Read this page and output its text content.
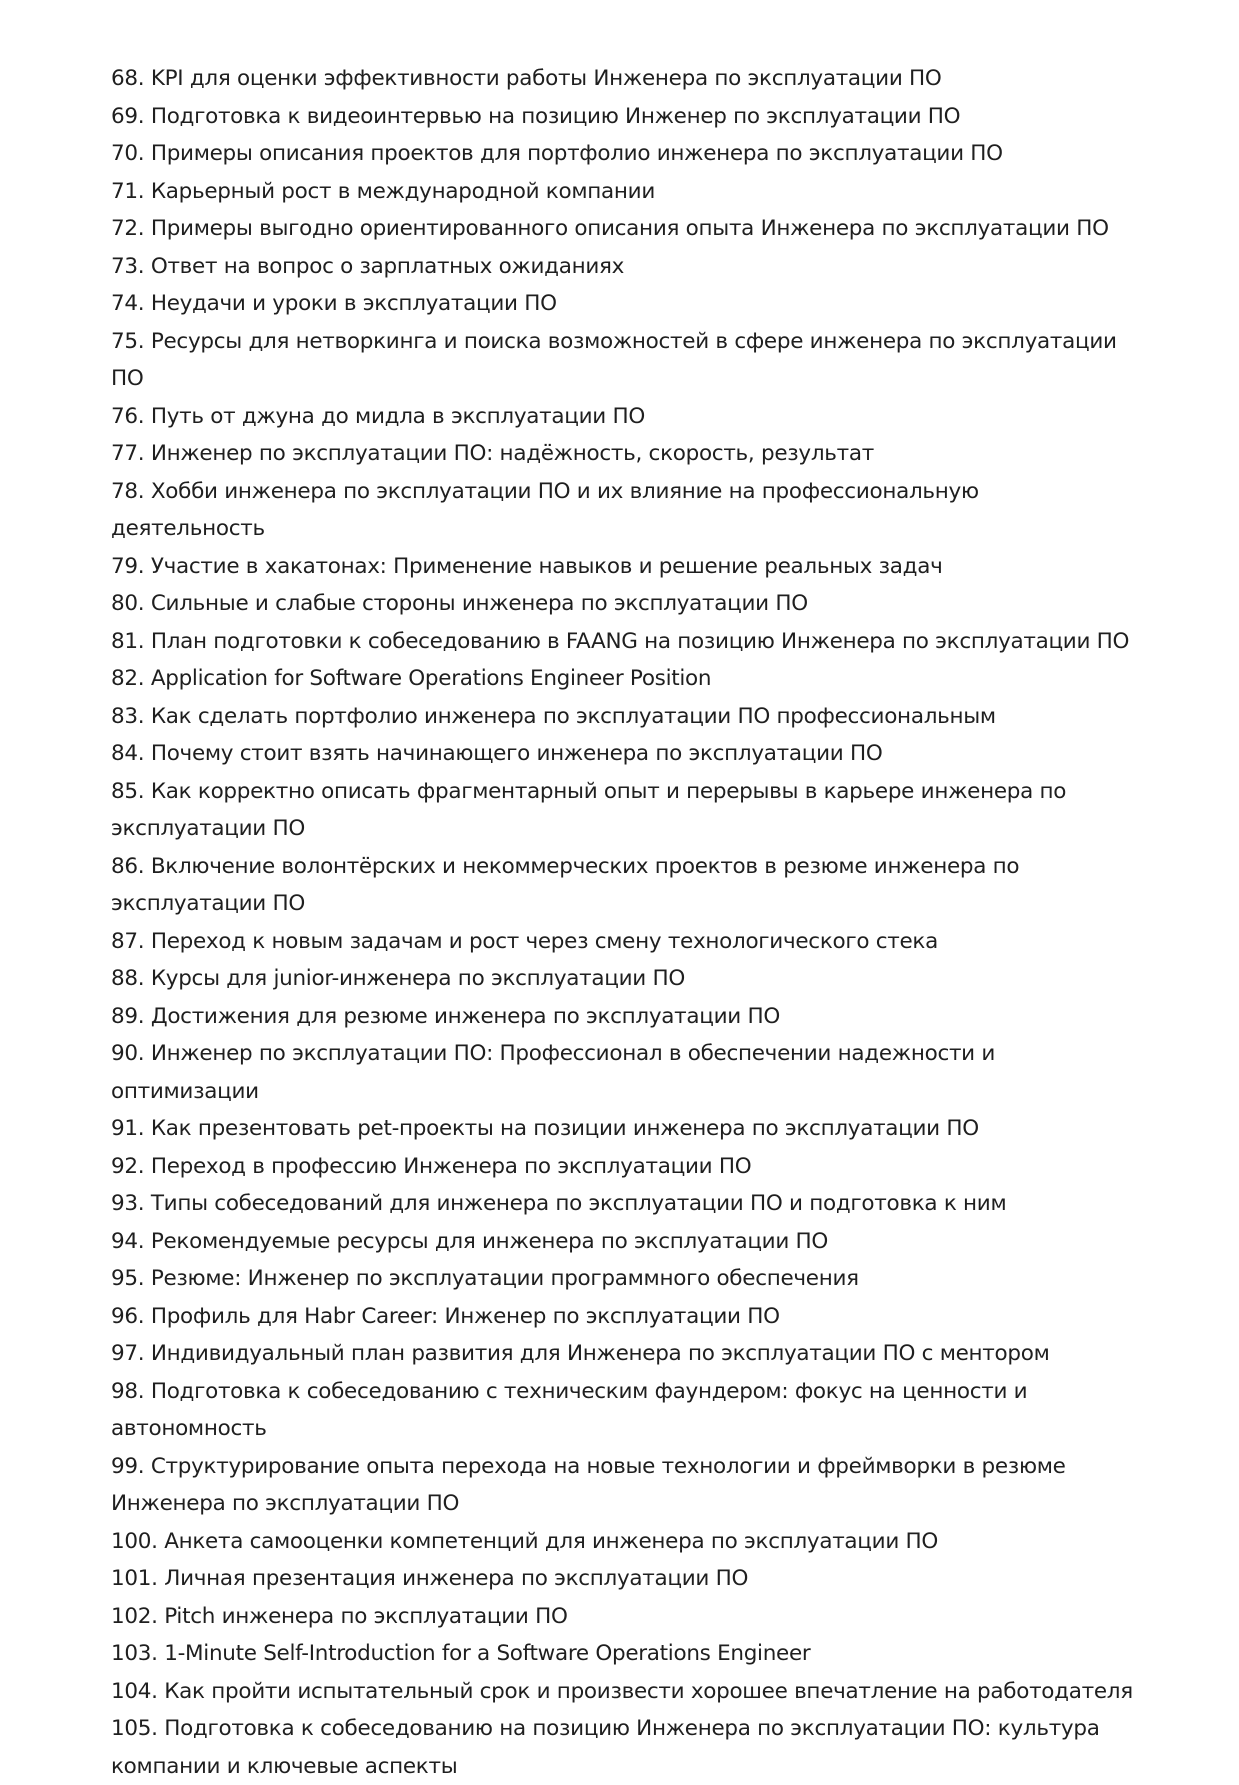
68. KPI для оценки эффективности работы Инженера по эксплуатации ПО

69. Подготовка к видеоинтервью на позицию Инженер по эксплуатации ПО

70. Примеры описания проектов для портфолио инженера по эксплуатации ПО

71. Карьерный рост в международной компании

72. Примеры выгодно ориентированного описания опыта Инженера по эксплуатации ПО

73. Ответ на вопрос о зарплатных ожиданиях

74. Неудачи и уроки в эксплуатации ПО

75. Ресурсы для нетворкинга и поиска возможностей в сфере инженера по эксплуатации ПО

76. Путь от джуна до мидла в эксплуатации ПО

77. Инженер по эксплуатации ПО: надёжность, скорость, результат

78. Хобби инженера по эксплуатации ПО и их влияние на профессиональную деятельность

79. Участие в хакатонах: Применение навыков и решение реальных задач

80. Сильные и слабые стороны инженера по эксплуатации ПО

81. План подготовки к собеседованию в FAANG на позицию Инженера по эксплуатации ПО

82. Application for Software Operations Engineer Position

83. Как сделать портфолио инженера по эксплуатации ПО профессиональным

84. Почему стоит взять начинающего инженера по эксплуатации ПО

85. Как корректно описать фрагментарный опыт и перерывы в карьере инженера по эксплуатации ПО

86. Включение волонтёрских и некоммерческих проектов в резюме инженера по эксплуатации ПО

87. Переход к новым задачам и рост через смену технологического стека

88. Курсы для junior-инженера по эксплуатации ПО

89. Достижения для резюме инженера по эксплуатации ПО

90. Инженер по эксплуатации ПО: Профессионал в обеспечении надежности и оптимизации

91. Как презентовать pet-проекты на позиции инженера по эксплуатации ПО

92. Переход в профессию Инженера по эксплуатации ПО

93. Типы собеседований для инженера по эксплуатации ПО и подготовка к ним

94. Рекомендуемые ресурсы для инженера по эксплуатации ПО

95. Резюме: Инженер по эксплуатации программного обеспечения

96. Профиль для Habr Career: Инженер по эксплуатации ПО

97. Индивидуальный план развития для Инженера по эксплуатации ПО с ментором

98. Подготовка к собеседованию с техническим фаундером: фокус на ценности и автономность

99. Структурирование опыта перехода на новые технологии и фреймворки в резюме Инженера по эксплуатации ПО

100. Анкета самооценки компетенций для инженера по эксплуатации ПО

101. Личная презентация инженера по эксплуатации ПО

102. Pitch инженера по эксплуатации ПО

103. 1-Minute Self-Introduction for a Software Operations Engineer

104. Как пройти испытательный срок и произвести хорошее впечатление на работодателя

105. Подготовка к собеседованию на позицию Инженера по эксплуатации ПО: культура компании и ключевые аспекты
